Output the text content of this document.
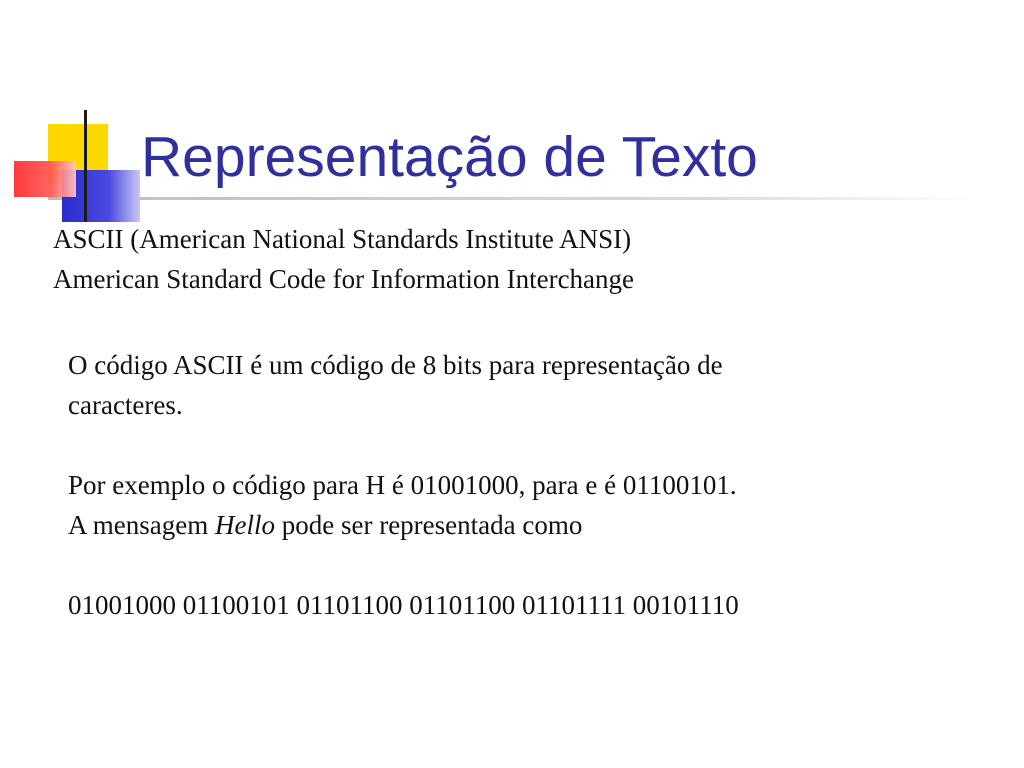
Representação de Texto
ASCII (American National Standards Institute ANSI)
American Standard Code for Information Interchange

O código ASCII é um código de 8 bits para representação de

caracteres.

Por exemplo o código para H é 01001000, para e é 01100101.

A mensagem Hello pode ser representada como

01001000 01100101 01101100 01101100 01101111 00101110
